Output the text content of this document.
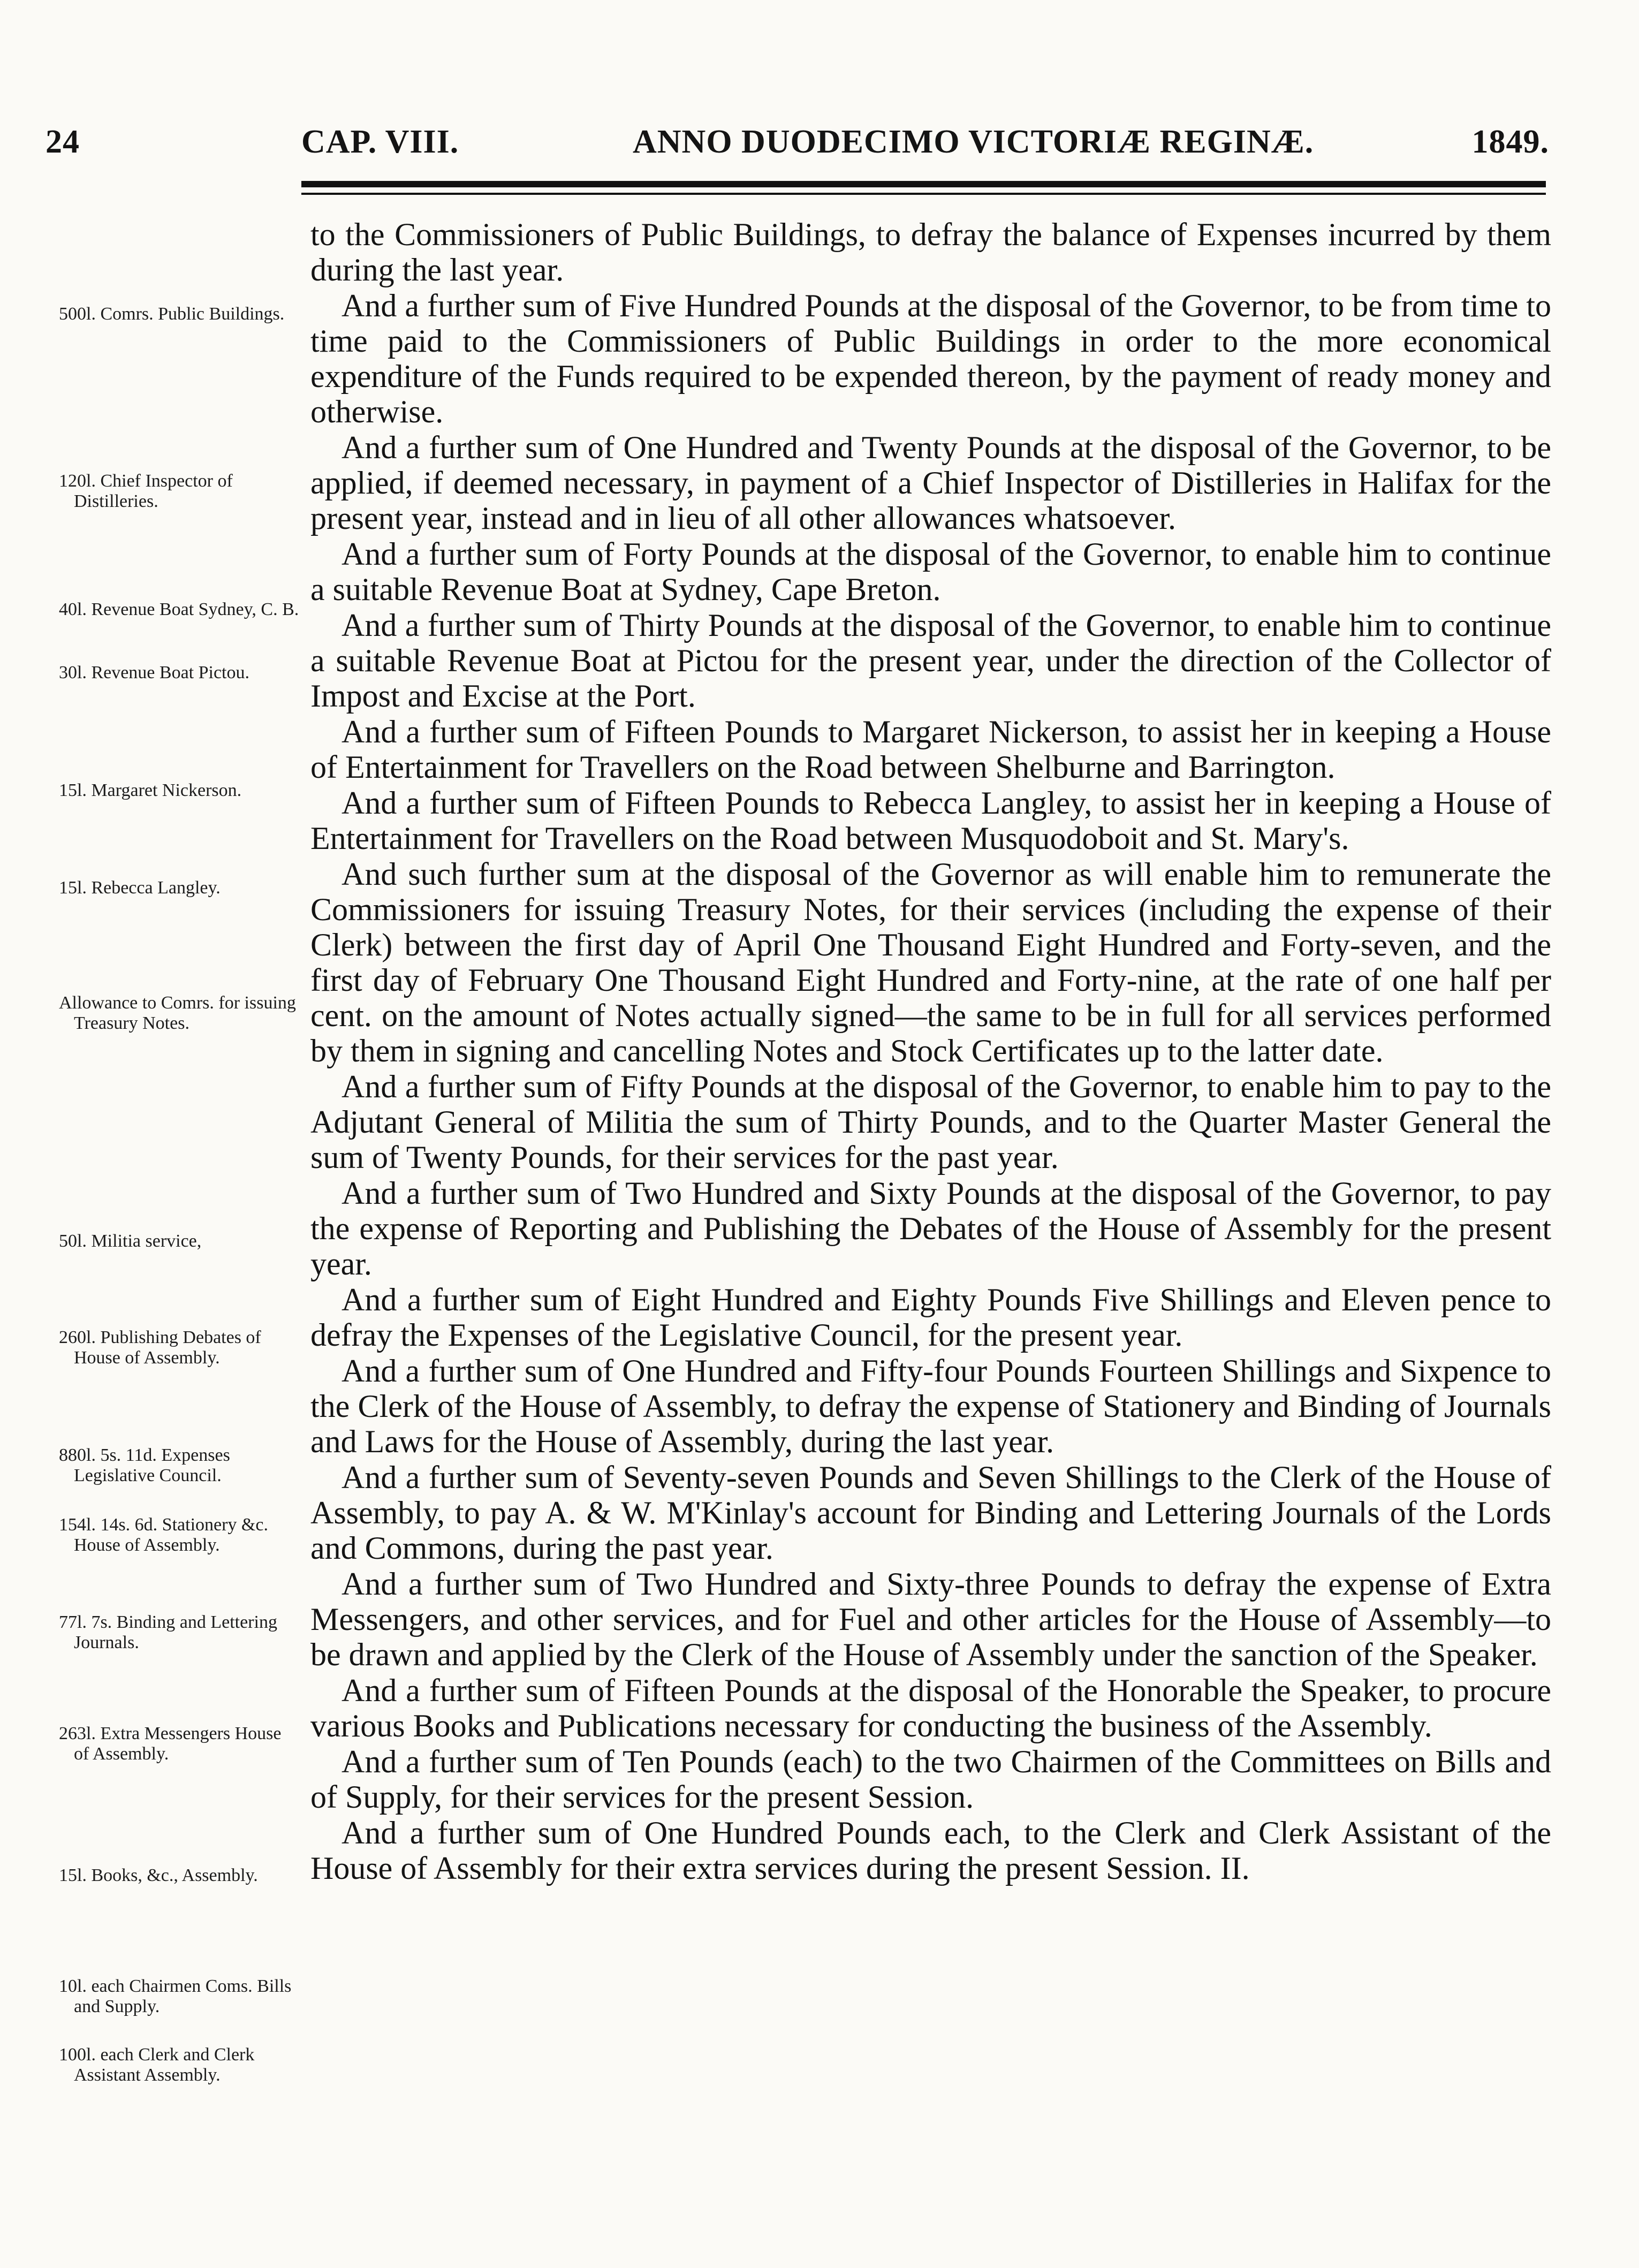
24	CAP. VIII.	ANNO DUODECIMO VICTORIÆ REGINÆ.	1849.

to the Commissioners of Public Buildings, to defray the balance of Expenses incurred by them during the last year.

And a further sum of Five Hundred Pounds at the disposal of the Governor, to be from time to time paid to the Commissioners of Public Buildings in order to the more economical expenditure of the Funds required to be expended thereon, by the payment of ready money and otherwise.

And a further sum of One Hundred and Twenty Pounds at the disposal of the Governor, to be applied, if deemed necessary, in payment of a Chief Inspector of Distilleries in Halifax for the present year, instead and in lieu of all other allowances whatsoever.

And a further sum of Forty Pounds at the disposal of the Governor, to enable him to continue a suitable Revenue Boat at Sydney, Cape Breton.

And a further sum of Thirty Pounds at the disposal of the Governor, to enable him to continue a suitable Revenue Boat at Pictou for the present year, under the direction of the Collector of Impost and Excise at the Port.

And a further sum of Fifteen Pounds to Margaret Nickerson, to assist her in keeping a House of Entertainment for Travellers on the Road between Shelburne and Barrington.

And a further sum of Fifteen Pounds to Rebecca Langley, to assist her in keeping a House of Entertainment for Travellers on the Road between Musquodoboit and St. Mary's.

And such further sum at the disposal of the Governor as will enable him to remunerate the Commissioners for issuing Treasury Notes, for their services (including the expense of their Clerk) between the first day of April One Thousand Eight Hundred and Forty-seven, and the first day of February One Thousand Eight Hundred and Forty-nine, at the rate of one half per cent. on the amount of Notes actually signed—the same to be in full for all services performed by them in signing and cancelling Notes and Stock Certificates up to the latter date.

And a further sum of Fifty Pounds at the disposal of the Governor, to enable him to pay to the Adjutant General of Militia the sum of Thirty Pounds, and to the Quarter Master General the sum of Twenty Pounds, for their services for the past year.

And a further sum of Two Hundred and Sixty Pounds at the disposal of the Governor, to pay the expense of Reporting and Publishing the Debates of the House of Assembly for the present year.

And a further sum of Eight Hundred and Eighty Pounds Five Shillings and Eleven pence to defray the Expenses of the Legislative Council, for the present year.

And a further sum of One Hundred and Fifty-four Pounds Fourteen Shillings and Sixpence to the Clerk of the House of Assembly, to defray the expense of Stationery and Binding of Journals and Laws for the House of Assembly, during the last year.

And a further sum of Seventy-seven Pounds and Seven Shillings to the Clerk of the House of Assembly, to pay A. & W. M'Kinlay's account for Binding and Lettering Journals of the Lords and Commons, during the past year.

And a further sum of Two Hundred and Sixty-three Pounds to defray the expense of Extra Messengers, and other services, and for Fuel and other articles for the House of Assembly—to be drawn and applied by the Clerk of the House of Assembly under the sanction of the Speaker.

And a further sum of Fifteen Pounds at the disposal of the Honorable the Speaker, to procure various Books and Publications necessary for conducting the business of the Assembly.

And a further sum of Ten Pounds (each) to the two Chairmen of the Committees on Bills and of Supply, for their services for the present Session.

And a further sum of One Hundred Pounds each, to the Clerk and Clerk Assistant of the House of Assembly for their extra services during the present Session. II.

500l. Comrs. Public Buildings.
120l. Chief Inspector of Distilleries.
40l. Revenue Boat Sydney, C. B.
30l. Revenue Boat Pictou.
15l. Margaret Nickerson.
15l. Rebecca Langley.
Allowance to Comrs. for issuing Treasury Notes.
50l. Militia service,
260l. Publishing Debates of House of Assembly.
880l. 5s. 11d. Expenses Legislative Council.
154l. 14s. 6d. Stationery &c. House of Assembly.
77l. 7s. Binding and Lettering Journals.
263l. Extra Messengers House of Assembly.
15l. Books, &c., Assembly.
10l. each Chairmen Coms. Bills and Supply.
100l. each Clerk and Clerk Assistant Assembly.
